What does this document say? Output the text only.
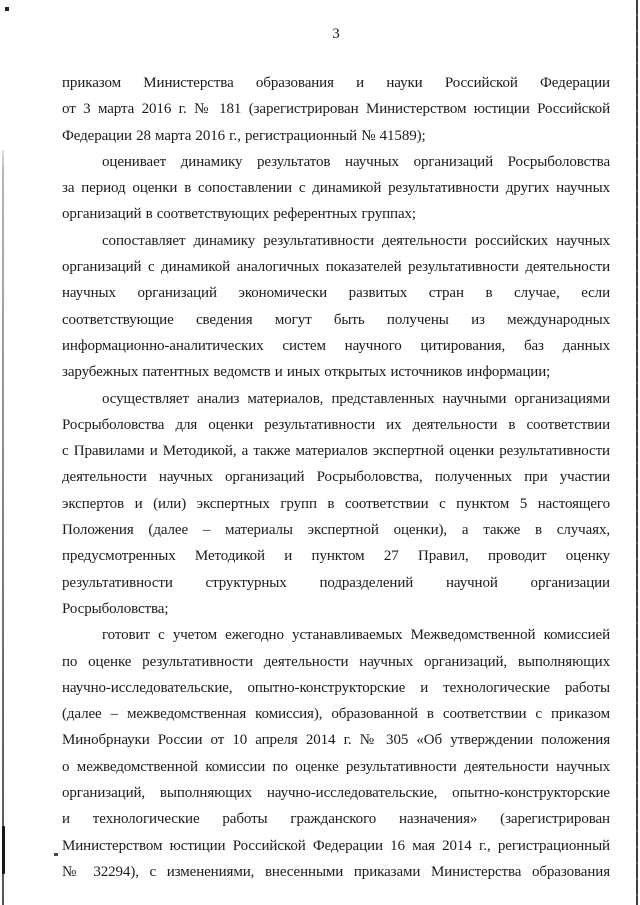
3
приказом Министерства образования и науки Российской Федерации
от 3 марта 2016 г. № 181 (зарегистрирован Министерством юстиции Российской
Федерации 28 марта 2016 г., регистрационный № 41589);
оценивает динамику результатов научных организаций Росрыболовства
за период оценки в сопоставлении с динамикой результативности других научных
организаций в соответствующих референтных группах;
сопоставляет динамику результативности деятельности российских научных
организаций с динамикой аналогичных показателей результативности деятельности
научных организаций экономически развитых стран в случае, если
соответствующие сведения могут быть получены из международных
информационно-аналитических систем научного цитирования, баз данных
зарубежных патентных ведомств и иных открытых источников информации;
осуществляет анализ материалов, представленных научными организациями
Росрыболовства для оценки результативности их деятельности в соответствии
с Правилами и Методикой, а также материалов экспертной оценки результативности
деятельности научных организаций Росрыболовства, полученных при участии
экспертов и (или) экспертных групп в соответствии с пунктом 5 настоящего
Положения (далее – материалы экспертной оценки), а также в случаях,
предусмотренных Методикой и пунктом 27 Правил, проводит оценку
результативности структурных подразделений научной организации
Росрыболовства;
готовит с учетом ежегодно устанавливаемых Межведомственной комиссией
по оценке результативности деятельности научных организаций, выполняющих
научно-исследовательские, опытно-конструкторские и технологические работы
(далее – межведомственная комиссия), образованной в соответствии с приказом
Минобрнауки России от 10 апреля 2014 г. № 305 «Об утверждении положения
о межведомственной комиссии по оценке результативности деятельности научных
организаций, выполняющих научно-исследовательские, опытно-конструкторские
и технологические работы гражданского назначения» (зарегистрирован
Министерством юстиции Российской Федерации 16 мая 2014 г., регистрационный
№ 32294), с изменениями, внесенными приказами Министерства образования
